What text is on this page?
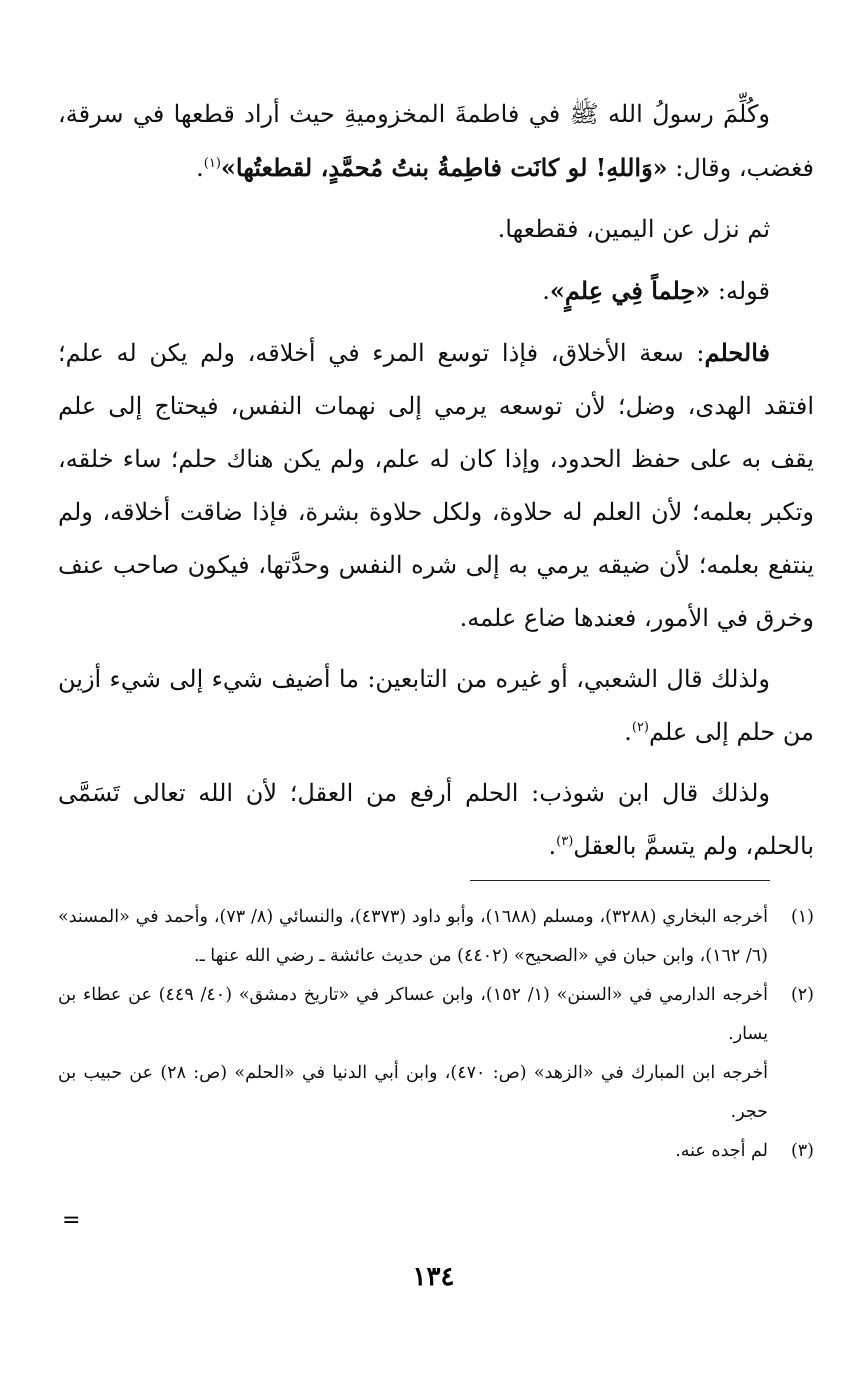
وكُلِّمَ رسولُ الله ﷺ في فاطمةَ المخزوميةِ حيث أراد قطعها في سرقة، فغضب، وقال: «وَاللهِ! لو كانَت فاطِمةُ بنتُ مُحمَّدٍ، لقطعتُها»$^{(١)}$.

ثم نزل عن اليمين، فقطعها.

قوله: «حِلماً فِي عِلمٍ».

فالحلم: سعة الأخلاق، فإذا توسع المرء في أخلاقه، ولم يكن له علم؛ افتقد الهدى، وضل؛ لأن توسعه يرمي إلى نهمات النفس، فيحتاج إلى علم يقف به على حفظ الحدود، وإذا كان له علم، ولم يكن هناك حلم؛ ساء خلقه، وتكبر بعلمه؛ لأن العلم له حلاوة، ولكل حلاوة بشرة، فإذا ضاقت أخلاقه، ولم ينتفع بعلمه؛ لأن ضيقه يرمي به إلى شره النفس وحدَّتها، فيكون صاحب عنف وخرق في الأمور، فعندها ضاع علمه.

ولذلك قال الشعبي، أو غيره من التابعين: ما أضيف شيء إلى شيء أزين من حلم إلى علم$^{(٢)}$.

ولذلك قال ابن شوذب: الحلم أرفع من العقل؛ لأن الله تعالى تَسَمَّى بالحلم، ولم يتسمَّ بالعقل$^{(٣)}$.

(١)
أخرجه البخاري (٣٢٨٨)، ومسلم (١٦٨٨)، وأبو داود (٤٣٧٣)، والنسائي (٨/ ٧٣)، وأحمد في «المسند» (٦/ ١٦٢)، وابن حبان في «الصحيح» (٤٤٠٢) من حديث عائشة ـ رضي الله عنها ـ.
(٢)
أخرجه الدارمي في «السنن» (١/ ١٥٢)، وابن عساكر في «تاريخ دمشق» (٤٠/ ٤٤٩) عن عطاء بن يسار.
أخرجه ابن المبارك في «الزهد» (ص: ٤٧٠)، وابن أبي الدنيا في «الحلم» (ص: ٢٨) عن حبيب بن حجر.
(٣)
لم أجده عنه.
=
١٣٤
